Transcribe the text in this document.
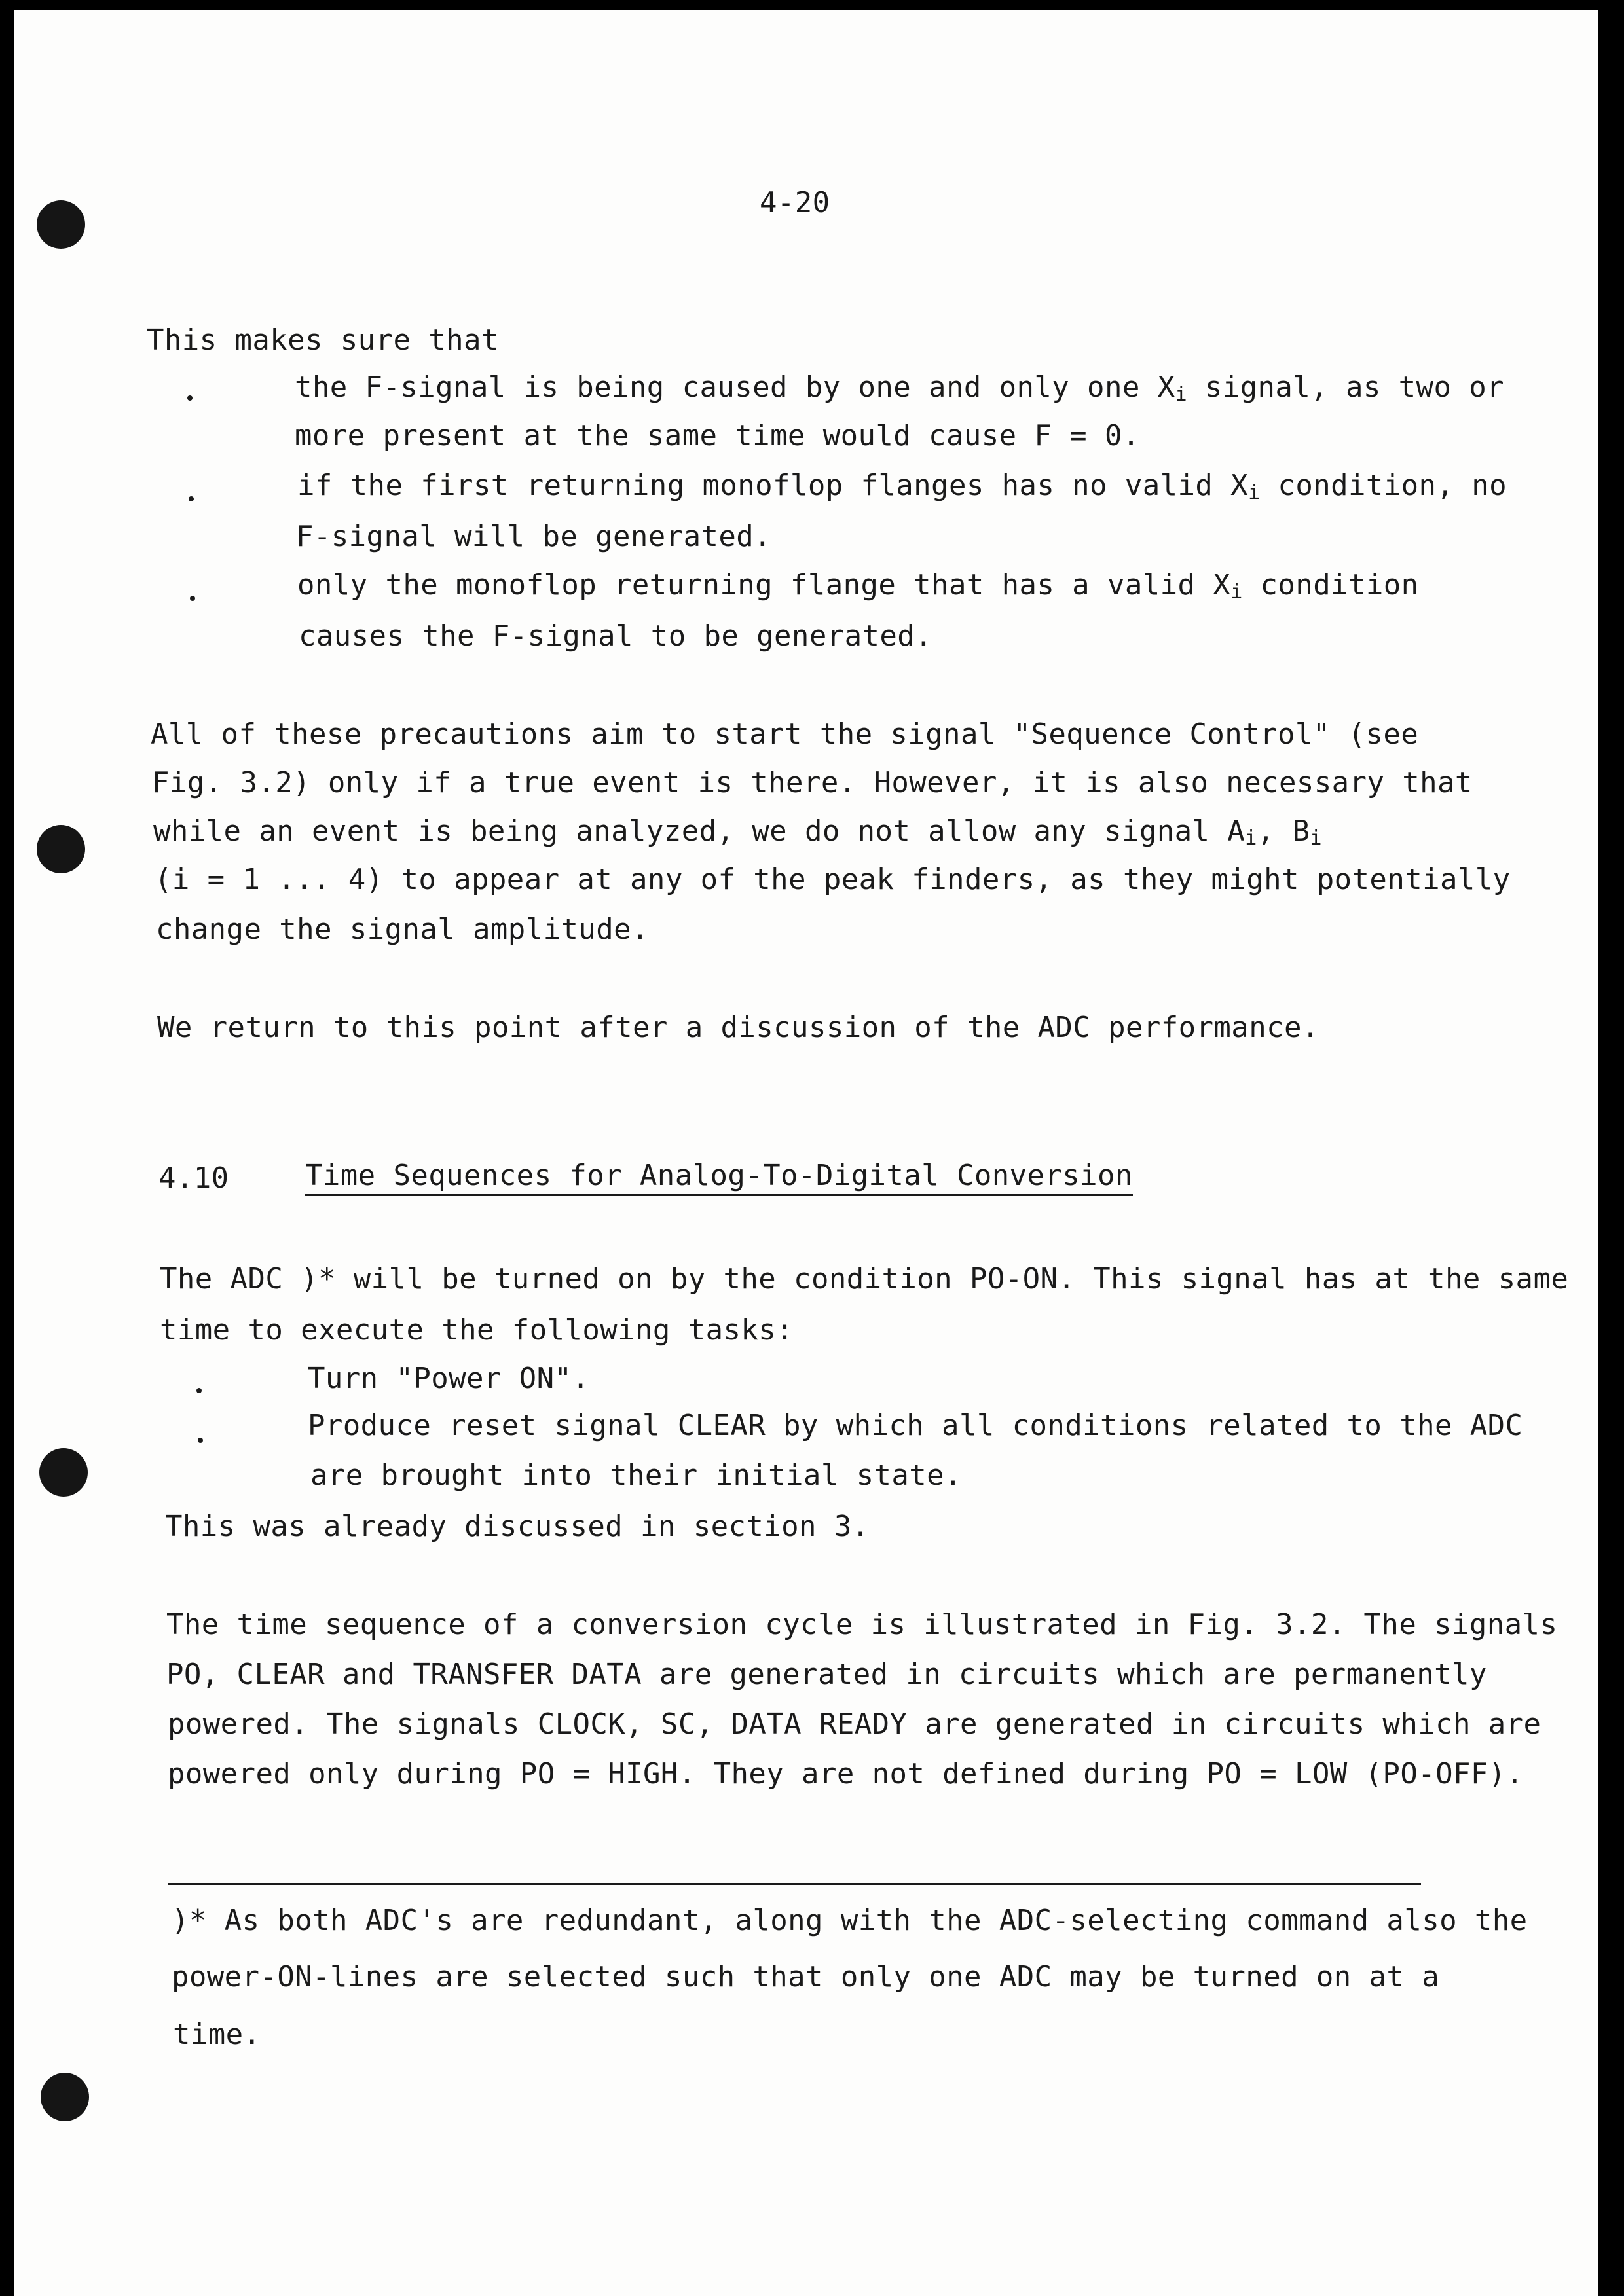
4-20
This makes sure that
the F-signal is being caused by one and only one $X_i$ signal, as two or
more present at the same time would cause F = 0.
if the first returning monoflop flanges has no valid $X_i$ condition, no
F-signal will be generated.
only the monoflop returning flange that has a valid $X_i$ condition
causes the F-signal to be generated.
All of these precautions aim to start the signal "Sequence Control" (see
Fig. 3.2) only if a true event is there. However, it is also necessary that
while an event is being analyzed, we do not allow any signal $A_i$, $B_i$
(i = 1 ... 4) to appear at any of the peak finders, as they might potentially
change the signal amplitude.
We return to this point after a discussion of the ADC performance.
4.10	Time Sequences for Analog-To-Digital Conversion
The ADC )* will be turned on by the condition PO-ON. This signal has at the same
time to execute the following tasks:
Turn "Power ON".
Produce reset signal CLEAR by which all conditions related to the ADC
are brought into their initial state.
This was already discussed in section 3.
The time sequence of a conversion cycle is illustrated in Fig. 3.2. The signals
PO, CLEAR and TRANSFER DATA are generated in circuits which are permanently
powered. The signals CLOCK, SC, DATA READY are generated in circuits which are
powered only during PO = HIGH. They are not defined during PO = LOW (PO-OFF).
)* As both ADC's are redundant, along with the ADC-selecting command also the
power-ON-lines are selected such that only one ADC may be turned on at a
time.
